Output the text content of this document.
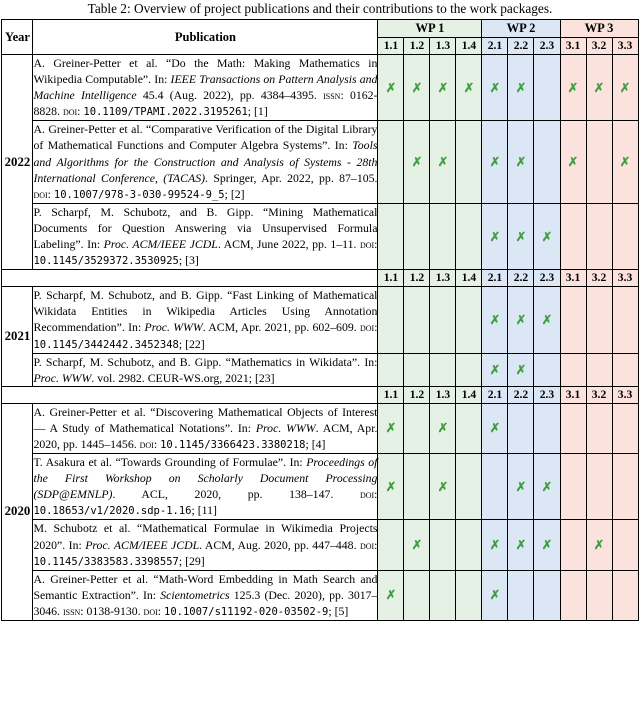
Table 2: Overview of project publications and their contributions to the work packages.
Year	Publication	WP 1				WP 2			WP 3		
		1.1	1.2	1.3	1.4	2.1	2.2	2.3	3.1	3.2	3.3
2022	A. Greiner-Petter et al. “Do the Math: Making Mathematics in Wikipedia Computable”. In: IEEE Transactions on Pattern Analysis and Machine Intelligence 45.4 (Aug. 2022), pp. 4384–4395. issn: 0162-8828. doi: 10.1109/TPAMI.2022.3195261; [1]	✗	✗	✗	✗	✗	✗		✗	✗	✗
	A. Greiner-Petter et al. “Comparative Verification of the Digital Library of Mathematical Functions and Computer Algebra Systems”. In: Tools and Algorithms for the Construction and Analysis of Systems - 28th International Conference, (TACAS). Springer, Apr. 2022, pp. 87–105. doi: 10.1007/978-3-030-99524-9_5; [2]		✗	✗		✗	✗		✗		✗
	P. Scharpf, M. Schubotz, and B. Gipp. “Mining Mathematical Documents for Question Answering via Unsupervised Formula Labeling”. In: Proc. ACM/IEEE JCDL. ACM, June 2022, pp. 1–11. doi: 10.1145/3529372.3530925; [3]					✗	✗	✗			
		1.1	1.2	1.3	1.4	2.1	2.2	2.3	3.1	3.2	3.3
2021	P. Scharpf, M. Schubotz, and B. Gipp. “Fast Linking of Mathematical Wikidata Entities in Wikipedia Articles Using Annotation Recommendation”. In: Proc. WWW. ACM, Apr. 2021, pp. 602–609. doi: 10.1145/3442442.3452348; [22]					✗	✗	✗			
	P. Scharpf, M. Schubotz, and B. Gipp. “Mathematics in Wikidata”. In: Proc. WWW. vol. 2982. CEUR-WS.org, 2021; [23]					✗	✗				
		1.1	1.2	1.3	1.4	2.1	2.2	2.3	3.1	3.2	3.3
2020	A. Greiner-Petter et al. “Discovering Mathematical Objects of Interest — A Study of Mathematical Notations”. In: Proc. WWW. ACM, Apr. 2020, pp. 1445–1456. doi: 10.1145/3366423.3380218; [4]	✗		✗		✗					
	T. Asakura et al. “Towards Grounding of Formulae”. In: Proceedings of the First Workshop on Scholarly Document Processing (SDP@EMNLP). ACL, 2020, pp. 138–147. doi: 10.18653/v1/2020.sdp-1.16; [11]	✗		✗			✗	✗			
	M. Schubotz et al. “Mathematical Formulae in Wikimedia Projects 2020”. In: Proc. ACM/IEEE JCDL. ACM, Aug. 2020, pp. 447–448. doi: 10.1145/3383583.3398557; [29]		✗			✗	✗	✗		✗	
	A. Greiner-Petter et al. “Math-Word Embedding in Math Search and Semantic Extraction”. In: Scientometrics 125.3 (Dec. 2020), pp. 3017–3046. issn: 0138-9130. doi: 10.1007/s11192-020-03502-9; [5]	✗				✗					
